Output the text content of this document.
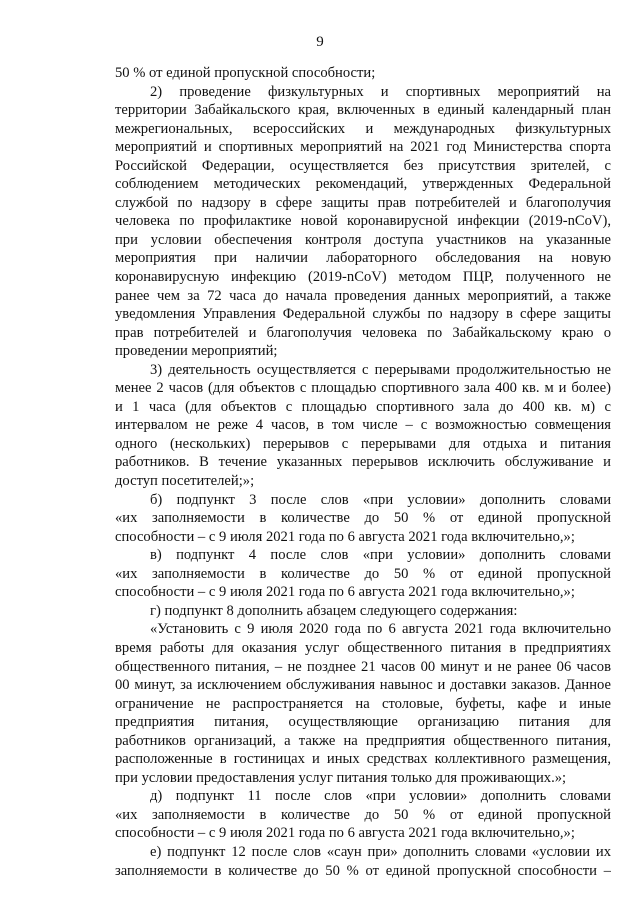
9
50 % от единой пропускной способности;
2) проведение физкультурных и спортивных мероприятий на
территории Забайкальского края, включенных в единый календарный план
межрегиональных, всероссийских и международных физкультурных
мероприятий и спортивных мероприятий на 2021 год Министерства спорта
Российской Федерации, осуществляется без присутствия зрителей, с
соблюдением методических рекомендаций, утвержденных Федеральной
службой по надзору в сфере защиты прав потребителей и благополучия
человека по профилактике новой коронавирусной инфекции (2019-nCoV),
при условии обеспечения контроля доступа участников на указанные
мероприятия при наличии лабораторного обследования на новую
коронавирусную инфекцию (2019-nCoV) методом ПЦР, полученного не
ранее чем за 72 часа до начала проведения данных мероприятий, а также
уведомления Управления Федеральной службы по надзору в сфере защиты
прав потребителей и благополучия человека по Забайкальскому краю о
проведении мероприятий;
3) деятельность осуществляется с перерывами продолжительностью не
менее 2 часов (для объектов с площадью спортивного зала 400 кв. м и более)
и 1 часа (для объектов с площадью спортивного зала до 400 кв. м) с
интервалом не реже 4 часов, в том числе – с возможностью совмещения
одного (нескольких) перерывов с перерывами для отдыха и питания
работников. В течение указанных перерывов исключить обслуживание и
доступ посетителей;»;
б) подпункт 3 после слов «при условии» дополнить словами
«их заполняемости в количестве до 50 % от единой пропускной
способности – с 9 июля 2021 года по 6 августа 2021 года включительно,»;
в) подпункт 4 после слов «при условии» дополнить словами
«их заполняемости в количестве до 50 % от единой пропускной
способности – с 9 июля 2021 года по 6 августа 2021 года включительно,»;
г) подпункт 8 дополнить абзацем следующего содержания:
«Установить с 9 июля 2020 года по 6 августа 2021 года включительно
время работы для оказания услуг общественного питания в предприятиях
общественного питания, – не позднее 21 часов 00 минут и не ранее 06 часов
00 минут, за исключением обслуживания навынос и доставки заказов. Данное
ограничение не распространяется на столовые, буфеты, кафе и иные
предприятия питания, осуществляющие организацию питания для
работников организаций, а также на предприятия общественного питания,
расположенные в гостиницах и иных средствах коллективного размещения,
при условии предоставления услуг питания только для проживающих.»;
д) подпункт 11 после слов «при условии» дополнить словами
«их заполняемости в количестве до 50 % от единой пропускной
способности – с 9 июля 2021 года по 6 августа 2021 года включительно,»;
е) подпункт 12 после слов «саун при» дополнить словами «условии их
заполняемости в количестве до 50 % от единой пропускной способности –
